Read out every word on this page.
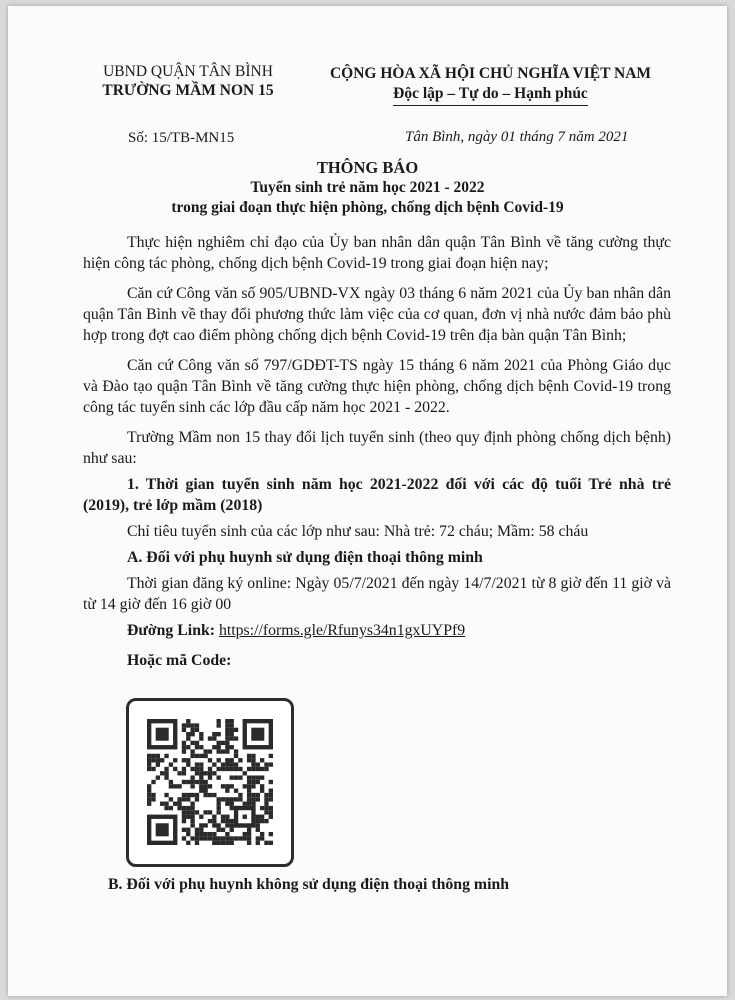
UBND QUẬN TÂN BÌNH
TRƯỜNG MẦM NON 15
CỘNG HÒA XÃ HỘI CHỦ NGHĨA VIỆT NAM
Độc lập – Tự do – Hạnh phúc
Số: 15/TB-MN15	Tân Bình, ngày 01 tháng 7 năm 2021
THÔNG BÁO
Tuyển sinh trẻ năm học 2021 - 2022
trong giai đoạn thực hiện phòng, chống dịch bệnh Covid-19

Thực hiện nghiêm chỉ đạo của Ủy ban nhân dân quận Tân Bình về tăng cường thực hiện công tác phòng, chống dịch bệnh Covid-19 trong giai đoạn hiện nay;

Căn cứ Công văn số 905/UBND-VX ngày 03 tháng 6 năm 2021 của Ủy ban nhân dân quận Tân Bình về thay đổi phương thức làm việc của cơ quan, đơn vị nhà nước đảm bảo phù hợp trong đợt cao điểm phòng chống dịch bệnh Covid-19 trên địa bàn quận Tân Bình;

Căn cứ Công văn số 797/GDĐT-TS ngày 15 tháng 6 năm 2021 của Phòng Giáo dục và Đào tạo quận Tân Bình về tăng cường thực hiện phòng, chống dịch bệnh Covid-19 trong công tác tuyển sinh các lớp đầu cấp năm học 2021 - 2022.

Trường Mầm non 15 thay đổi lịch tuyển sinh (theo quy định phòng chống dịch bệnh) như sau:

1. Thời gian tuyển sinh năm học 2021-2022 đối với các độ tuổi Trẻ nhà trẻ (2019), trẻ lớp mầm (2018)

Chỉ tiêu tuyển sinh của các lớp như sau: Nhà trẻ: 72 cháu; Mầm: 58 cháu

A. Đối với phụ huynh sử dụng điện thoại thông minh

Thời gian đăng ký online: Ngày 05/7/2021 đến ngày 14/7/2021 từ 8 giờ đến 11 giờ và từ 14 giờ đến 16 giờ 00

Đường Link: https://forms.gle/Rfunys34n1gxUYPf9

Hoặc mã Code:

B. Đối với phụ huynh không sử dụng điện thoại thông minh
